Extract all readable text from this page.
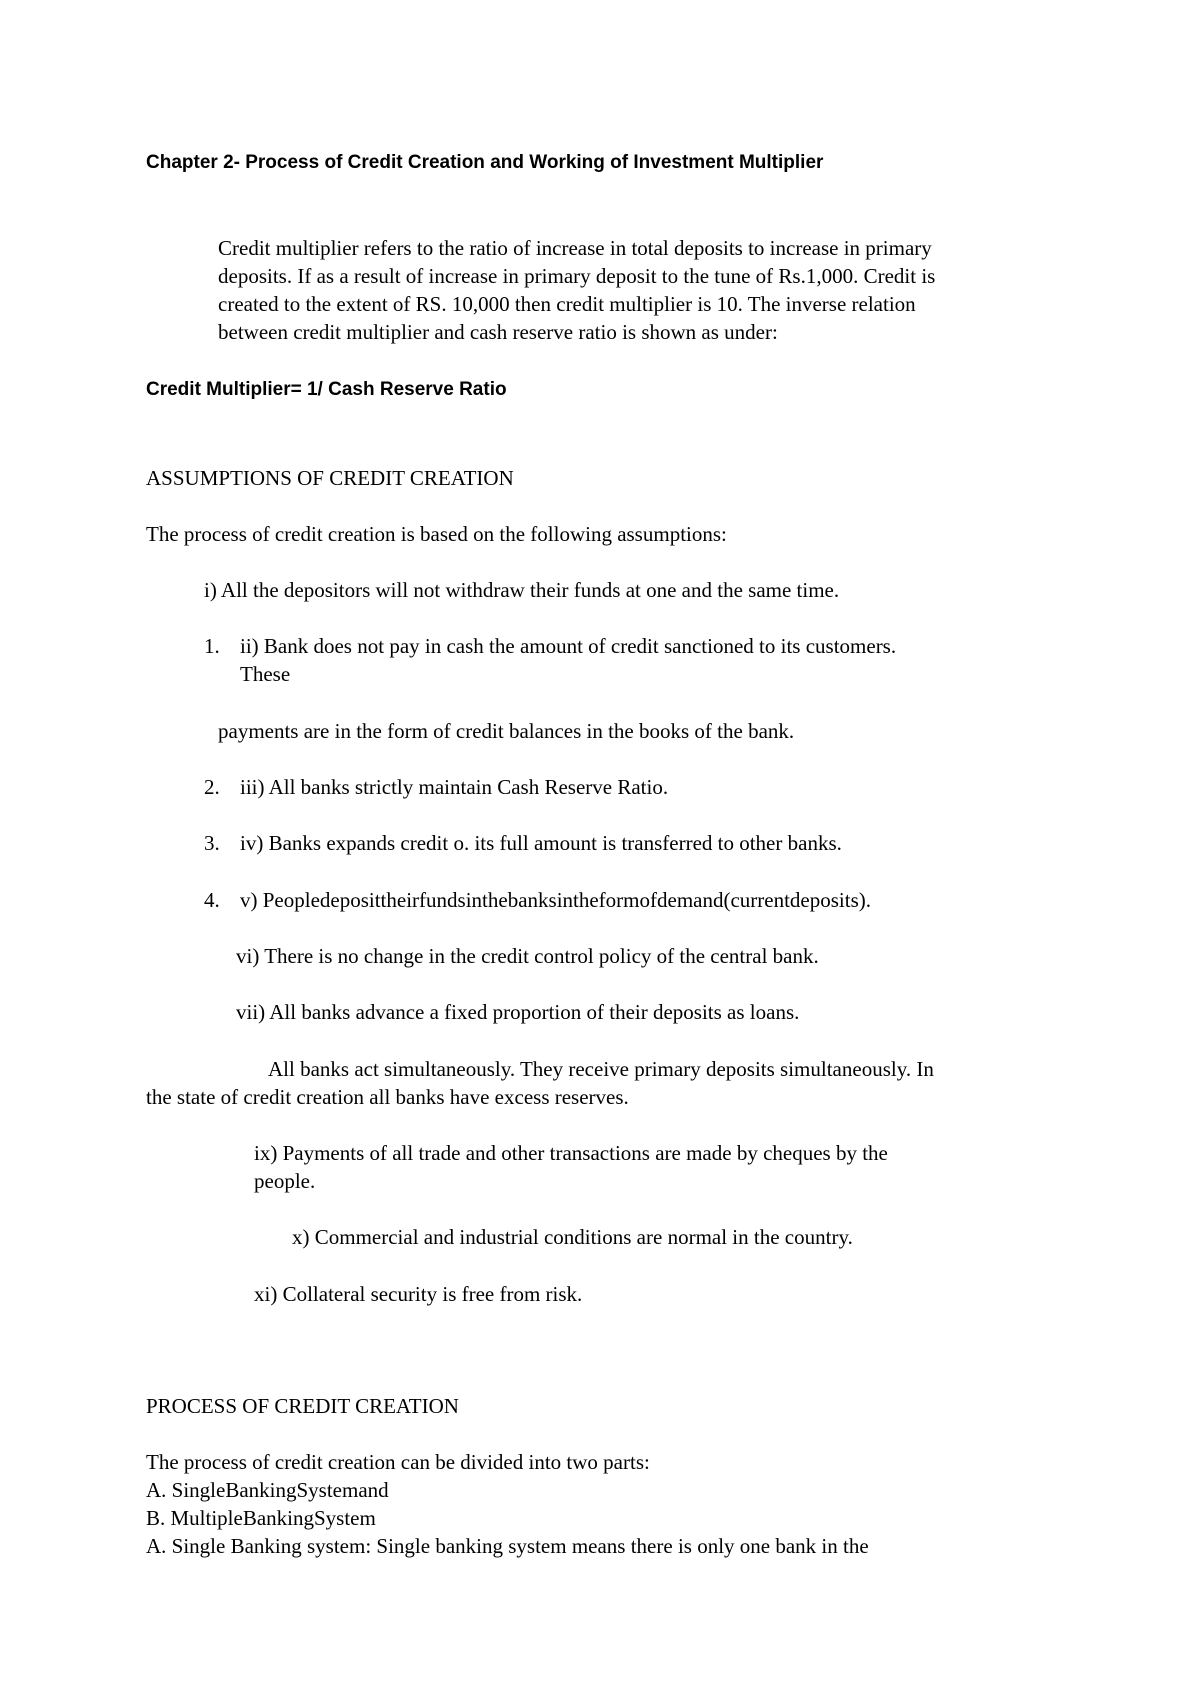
Chapter 2- Process of Credit Creation and Working of Investment Multiplier

Credit multiplier refers to the ratio of increase in total deposits to increase in primary

deposits. If as a result of increase in primary deposit to the tune of Rs.1,000. Credit is

created to the extent of RS. 10,000 then credit multiplier is 10. The inverse relation

between credit multiplier and cash reserve ratio is shown as under:

Credit Multiplier= 1/ Cash Reserve Ratio

ASSUMPTIONS OF CREDIT CREATION

The process of credit creation is based on the following assumptions:

i) All the depositors will not withdraw their funds at one and the same time.

1. ii) Bank does not pay in cash the amount of credit sanctioned to its customers.

These

payments are in the form of credit balances in the books of the bank.

2. iii) All banks strictly maintain Cash Reserve Ratio.

3. iv) Banks expands credit o. its full amount is transferred to other banks.

4. v) Peopledeposittheirfundsinthebanksintheformofdemand(currentdeposits).

vi) There is no change in the credit control policy of the central bank.

vii) All banks advance a fixed proportion of their deposits as loans.

All banks act simultaneously. They receive primary deposits simultaneously. In

the state of credit creation all banks have excess reserves.

ix) Payments of all trade and other transactions are made by cheques by the

people.

x) Commercial and industrial conditions are normal in the country.

xi) Collateral security is free from risk.

PROCESS OF CREDIT CREATION

The process of credit creation can be divided into two parts:

A. SingleBankingSystemand

B. MultipleBankingSystem

A. Single Banking system: Single banking system means there is only one bank in the
